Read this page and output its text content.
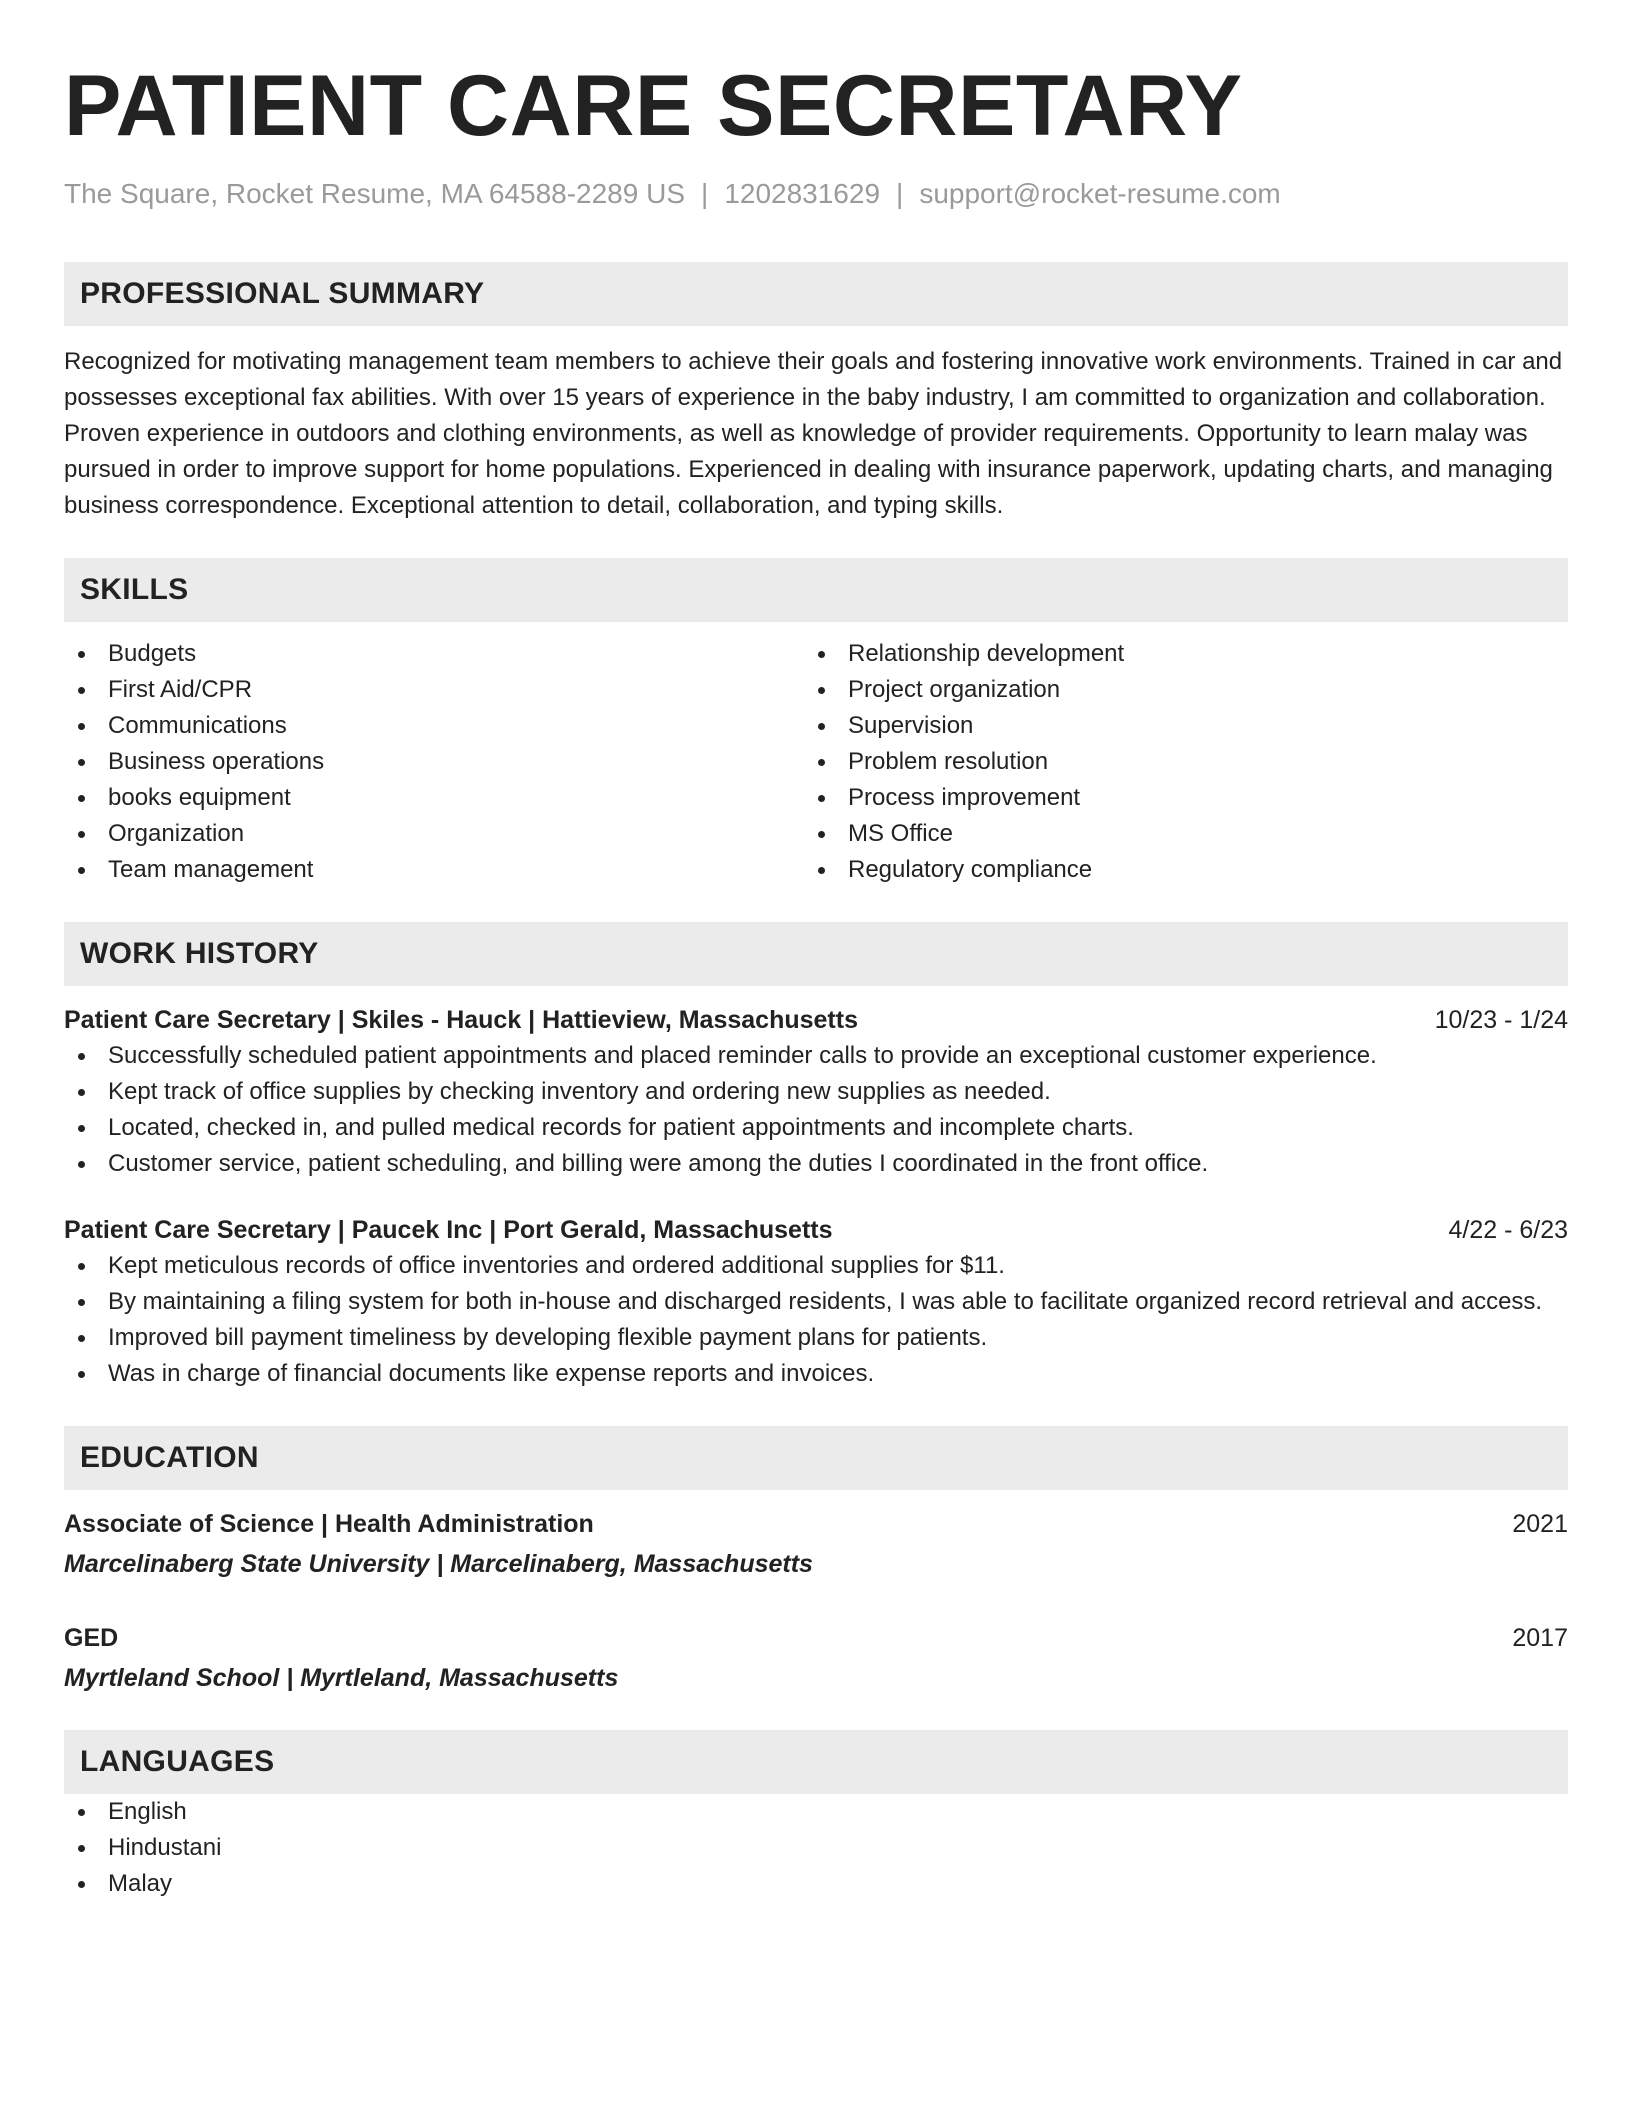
PATIENT CARE SECRETARY
The Square, Rocket Resume, MA 64588-2289 US | 1202831629 | support@rocket-resume.com
PROFESSIONAL SUMMARY
Recognized for motivating management team members to achieve their goals and fostering innovative work environments. Trained in car and possesses exceptional fax abilities. With over 15 years of experience in the baby industry, I am committed to organization and collaboration. Proven experience in outdoors and clothing environments, as well as knowledge of provider requirements. Opportunity to learn malay was pursued in order to improve support for home populations. Experienced in dealing with insurance paperwork, updating charts, and managing business correspondence. Exceptional attention to detail, collaboration, and typing skills.
SKILLS
Budgets
First Aid/CPR
Communications
Business operations
books equipment
Organization
Team management
Relationship development
Project organization
Supervision
Problem resolution
Process improvement
MS Office
Regulatory compliance
WORK HISTORY
Patient Care Secretary | Skiles - Hauck | Hattieview, Massachusetts	10/23 - 1/24
Successfully scheduled patient appointments and placed reminder calls to provide an exceptional customer experience.
Kept track of office supplies by checking inventory and ordering new supplies as needed.
Located, checked in, and pulled medical records for patient appointments and incomplete charts.
Customer service, patient scheduling, and billing were among the duties I coordinated in the front office.
Patient Care Secretary | Paucek Inc | Port Gerald, Massachusetts	4/22 - 6/23
Kept meticulous records of office inventories and ordered additional supplies for $11.
By maintaining a filing system for both in-house and discharged residents, I was able to facilitate organized record retrieval and access.
Improved bill payment timeliness by developing flexible payment plans for patients.
Was in charge of financial documents like expense reports and invoices.
EDUCATION
Associate of Science | Health Administration	2021
Marcelinaberg State University | Marcelinaberg, Massachusetts
GED	2017
Myrtleland School | Myrtleland, Massachusetts
LANGUAGES
English
Hindustani
Malay
